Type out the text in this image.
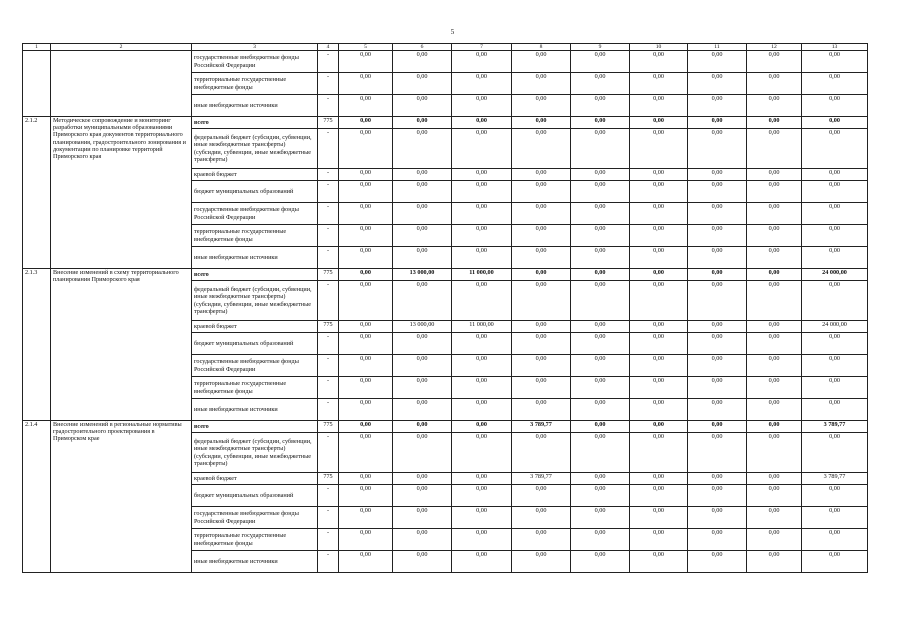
5
1	2	3	4	5	6	7	8	9	10	11	12	13
		государственные внебюджетные фонды Российской Федерации	-	0,00	0,00	0,00	0,00	0,00	0,00	0,00	0,00	0,00
		территориальные государственные внебюджетные фонды	-	0,00	0,00	0,00	0,00	0,00	0,00	0,00	0,00	0,00
		иные внебюджетные источники	-	0,00	0,00	0,00	0,00	0,00	0,00	0,00	0,00	0,00
2.1.2	Методическое сопровождение и мониторинг разработки муниципальными образованиями Приморского края документов территориального планирования, градостроительного зонирования и документации по планировке территорий Приморского края	всего	775	0,00	0,00	0,00	0,00	0,00	0,00	0,00	0,00	0,00
		федеральный бюджет (субсидии, субвенции, иные межбюджетные трансферты) (субсидии, субвенции, иные межбюджетные трансферты)	-	0,00	0,00	0,00	0,00	0,00	0,00	0,00	0,00	0,00
		краевой бюджет	-	0,00	0,00	0,00	0,00	0,00	0,00	0,00	0,00	0,00
		бюджет муниципальных образований	-	0,00	0,00	0,00	0,00	0,00	0,00	0,00	0,00	0,00
		государственные внебюджетные фонды Российской Федерации	-	0,00	0,00	0,00	0,00	0,00	0,00	0,00	0,00	0,00
		территориальные государственные внебюджетные фонды	-	0,00	0,00	0,00	0,00	0,00	0,00	0,00	0,00	0,00
		иные внебюджетные источники	-	0,00	0,00	0,00	0,00	0,00	0,00	0,00	0,00	0,00
2.1.3	Внесение изменений в схему территориального планирования Приморского края	всего	775	0,00	13 000,00	11 000,00	0,00	0,00	0,00	0,00	0,00	24 000,00
		федеральный бюджет (субсидии, субвенции, иные межбюджетные трансферты) (субсидии, субвенции, иные межбюджетные трансферты)	-	0,00	0,00	0,00	0,00	0,00	0,00	0,00	0,00	0,00
		краевой бюджет	775	0,00	13 000,00	11 000,00	0,00	0,00	0,00	0,00	0,00	24 000,00
		бюджет муниципальных образований	-	0,00	0,00	0,00	0,00	0,00	0,00	0,00	0,00	0,00
		государственные внебюджетные фонды Российской Федерации	-	0,00	0,00	0,00	0,00	0,00	0,00	0,00	0,00	0,00
		территориальные государственные внебюджетные фонды	-	0,00	0,00	0,00	0,00	0,00	0,00	0,00	0,00	0,00
		иные внебюджетные источники	-	0,00	0,00	0,00	0,00	0,00	0,00	0,00	0,00	0,00
2.1.4	Внесение изменений в региональные нормативы градостроительного проектирования в Приморском крае	всего	775	0,00	0,00	0,00	3 789,77	0,00	0,00	0,00	0,00	3 789,77
		федеральный бюджет (субсидии, субвенции, иные межбюджетные трансферты) (субсидии, субвенции, иные межбюджетные трансферты)	-	0,00	0,00	0,00	0,00	0,00	0,00	0,00	0,00	0,00
		краевой бюджет	775	0,00	0,00	0,00	3 789,77	0,00	0,00	0,00	0,00	3 789,77
		бюджет муниципальных образований	-	0,00	0,00	0,00	0,00	0,00	0,00	0,00	0,00	0,00
		государственные внебюджетные фонды Российской Федерации	-	0,00	0,00	0,00	0,00	0,00	0,00	0,00	0,00	0,00
		территориальные государственные внебюджетные фонды	-	0,00	0,00	0,00	0,00	0,00	0,00	0,00	0,00	0,00
		иные внебюджетные источники	-	0,00	0,00	0,00	0,00	0,00	0,00	0,00	0,00	0,00
